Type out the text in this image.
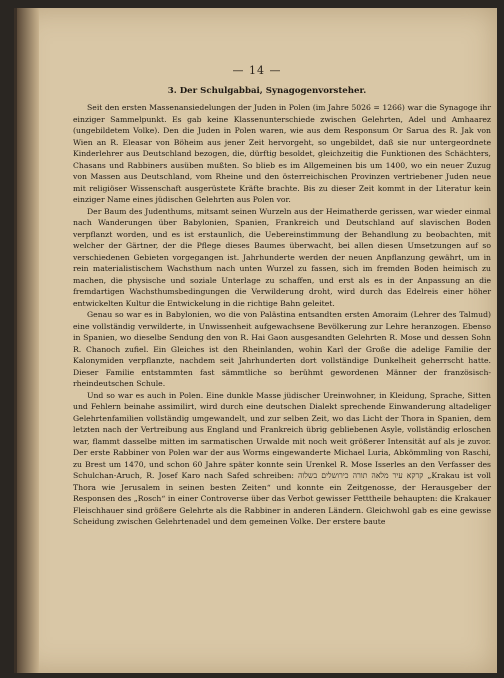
— 14 —
3. Der Schulgabbai, Synagogenvorsteher.

Seit den ersten Massenansiedelungen der Juden in Polen (im Jahre 5026 = 1266) war die Synagoge ihr einziger Sammelpunkt. Es gab keine Klassenunterschiede zwischen Gelehrten, Adel und Amhaarez (ungebildetem Volke). Den die Juden in Polen waren, wie aus dem Responsum Or Sarua des R. Jak von Wien an R. Eleasar von Böheim aus jener Zeit hervorgeht, so ungebildet, daß sie nur untergeordnete Kinderlehrer aus Deutschland bezogen, die, dürftig besoldet, gleichzeitig die Funktionen des Schächters, Chasans und Rabbiners ausüben mußten. So blieb es im Allgemeinen bis um 1400, wo ein neuer Zuzug von Massen aus Deutschland, vom Rheine und den österreichischen Provinzen vertriebener Juden neue mit religiöser Wissenschaft ausgerüstete Kräfte brachte. Bis zu dieser Zeit kommt in der Literatur kein einziger Name eines jüdischen Gelehrten aus Polen vor.

Der Baum des Judenthums, mitsamt seinen Wurzeln aus der Heimatherde gerissen, war wieder einmal nach Wanderungen über Babylonien, Spanien, Frankreich und Deutschland auf slavischen Boden verpflanzt worden, und es ist erstaunlich, die Uebereinstimmung der Behandlung zu beobachten, mit welcher der Gärtner, der die Pflege dieses Baumes überwacht, bei allen diesen Umsetzungen auf so verschiedenen Gebieten vorgegangen ist. Jahrhunderte werden der neuen Anpflanzung gewährt, um in rein materialistischem Wachsthum nach unten Wurzel zu fassen, sich im fremden Boden heimisch zu machen, die physische und soziale Unterlage zu schaffen, und erst als es in der Anpassung an die fremdartigen Wachsthumsbedingungen die Verwilderung droht, wird durch das Edelreis einer höher entwickelten Kultur die Entwickelung in die richtige Bahn geleitet.

Genau so war es in Babylonien, wo die von Palästina entsandten ersten Amoraim (Lehrer des Talmud) eine vollständig verwilderte, in Unwissenheit aufgewachsene Bevölkerung zur Lehre heranzogen. Ebenso in Spanien, wo dieselbe Sendung den von R. Hai Gaon ausgesandten Gelehrten R. Mose und dessen Sohn R. Chanoch zufiel. Ein Gleiches ist den Rheinlanden, wohin Karl der Große die adelige Familie der Kalonymiden verpflanzte, nachdem seit Jahrhunderten dort vollständige Dunkelheit geherrscht hatte. Dieser Familie entstammten fast sämmtliche so berühmt gewordenen Männer der französisch-rheindeutschen Schule.

Und so war es auch in Polen. Eine dunkle Masse jüdischer Ureinwohner, in Kleidung, Sprache, Sitten und Fehlern beinahe assimilirt, wird durch eine deutschen Dialekt sprechende Einwanderung altadeliger Gelehrtenfamilien vollständig umgewandelt, und zur selben Zeit, wo das Licht der Thora in Spanien, dem letzten nach der Vertreibung aus England und Frankreich übrig gebliebenen Asyle, vollständig erloschen war, flammt dasselbe mitten im sarmatischen Urwalde mit noch weit größerer Intensität auf als je zuvor. Der erste Rabbiner von Polen war der aus Worms eingewanderte Michael Luria, Abkömmling von Raschi, zu Brest um 1470, und schon 60 Jahre später konnte sein Urenkel R. Mose Isserles an den Verfasser des Schulchan-Aruch, R. Josef Karo nach Safed schreiben: קרקא עיר מלאה תורה כירושלים בשלוה „Krakau ist voll Thora wie Jerusalem in seinen besten Zeiten“ und konnte ein Zeitgenosse, der Herausgeber der Responsen des „Rosch“ in einer Controverse über das Verbot gewisser Fetttheile behaupten: die Krakauer Fleischhauer sind größere Gelehrte als die Rabbiner in anderen Ländern. Gleichwohl gab es eine gewisse Scheidung zwischen Gelehrtenadel und dem gemeinen Volke. Der erstere baute
